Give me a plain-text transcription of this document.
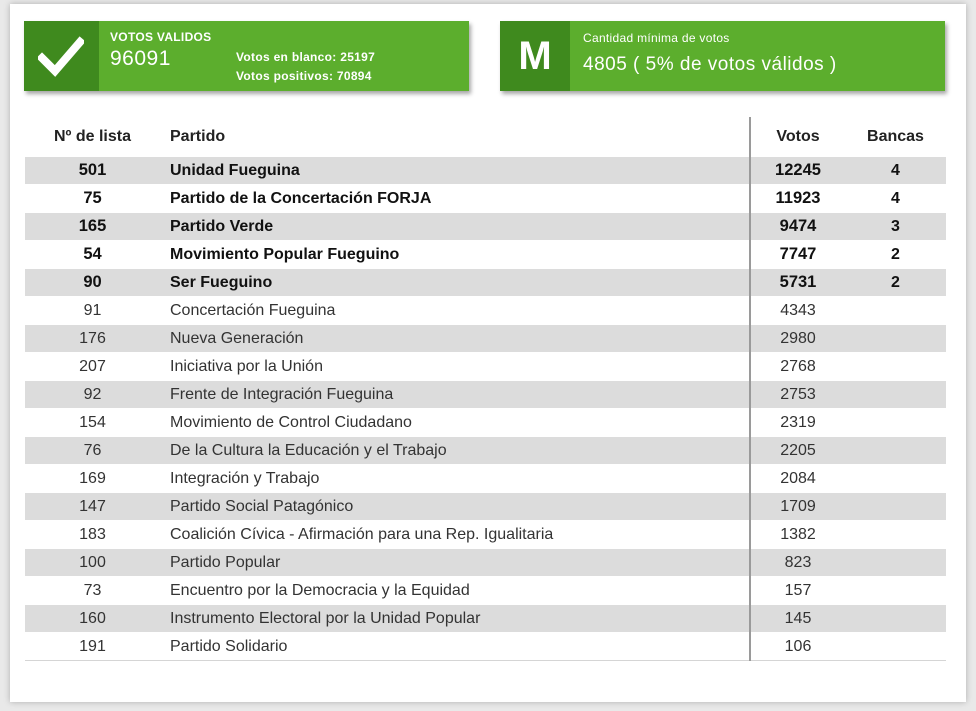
VOTOS VALIDOS
96091	Votos en blanco: 25197
Votos positivos: 70894	M	Cantidad mínima de votos
4805 ( 5% de votos válidos )
Nº de lista	Partido	Votos	Bancas
501	Unidad Fueguina	12245	4
75	Partido de la Concertación FORJA	11923	4
165	Partido Verde	9474	3
54	Movimiento Popular Fueguino	7747	2
90	Ser Fueguino	5731	2
91	Concertación Fueguina	4343	
176	Nueva Generación	2980	
207	Iniciativa por la Unión	2768	
92	Frente de Integración Fueguina	2753	
154	Movimiento de Control Ciudadano	2319	
76	De la Cultura la Educación y el Trabajo	2205	
169	Integración y Trabajo	2084	
147	Partido Social Patagónico	1709	
183	Coalición Cívica - Afirmación para una Rep. Igualitaria	1382	
100	Partido Popular	823	
73	Encuentro por la Democracia y la Equidad	157	
160	Instrumento Electoral por la Unidad Popular	145	
191	Partido Solidario	106	
